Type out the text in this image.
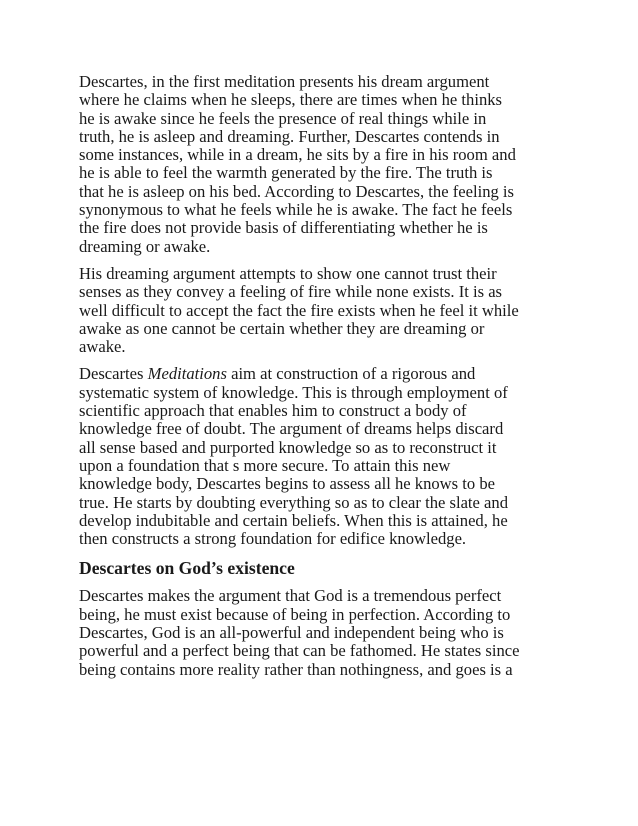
Descartes, in the first meditation presents his dream argument
where he claims when he sleeps, there are times when he thinks
he is awake since he feels the presence of real things while in
truth, he is asleep and dreaming. Further, Descartes contends in
some instances, while in a dream, he sits by a fire in his room and
he is able to feel the warmth generated by the fire. The truth is
that he is asleep on his bed. According to Descartes, the feeling is
synonymous to what he feels while he is awake. The fact he feels
the fire does not provide basis of differentiating whether he is
dreaming or awake.

His dreaming argument attempts to show one cannot trust their
senses as they convey a feeling of fire while none exists. It is as
well difficult to accept the fact the fire exists when he feel it while
awake as one cannot be certain whether they are dreaming or
awake.

Descartes Meditations aim at construction of a rigorous and
systematic system of knowledge. This is through employment of
scientific approach that enables him to construct a body of
knowledge free of doubt. The argument of dreams helps discard
all sense based and purported knowledge so as to reconstruct it
upon a foundation that s more secure. To attain this new
knowledge body, Descartes begins to assess all he knows to be
true. He starts by doubting everything so as to clear the slate and
develop indubitable and certain beliefs. When this is attained, he
then constructs a strong foundation for edifice knowledge.

Descartes on God’s existence

Descartes makes the argument that God is a tremendous perfect
being, he must exist because of being in perfection. According to
Descartes, God is an all-powerful and independent being who is
powerful and a perfect being that can be fathomed. He states since
being contains more reality rather than nothingness, and goes is a
